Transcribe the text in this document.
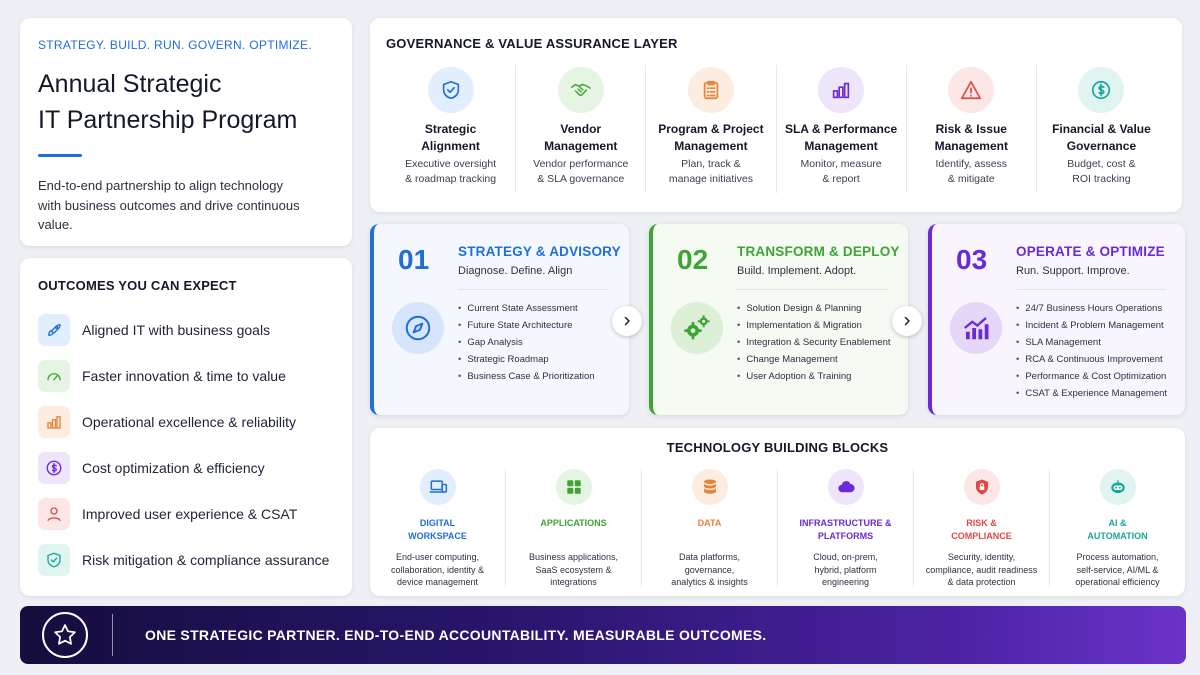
STRATEGY. BUILD. RUN. GOVERN. OPTIMIZE.
Annual Strategic
IT Partnership Program
End-to-end partnership to align technology with business outcomes and drive continuous value.
OUTCOMES YOU CAN EXPECT
Aligned IT with business goals
Faster innovation & time to value
Operational excellence & reliability
Cost optimization & efficiency
Improved user experience & CSAT
Risk mitigation & compliance assurance
GOVERNANCE & VALUE ASSURANCE LAYER
Strategic
Alignment
Executive oversight
& roadmap tracking
Vendor
Management
Vendor performance
& SLA governance
Program & Project
Management
Plan, track &
manage initiatives
SLA & Performance
Management
Monitor, measure
& report
Risk & Issue
Management
Identify, assess
& mitigate
Financial & Value
Governance
Budget, cost &
ROI tracking
01 STRATEGY & ADVISORY
Diagnose. Define. Align
• Current State Assessment
• Future State Architecture
• Gap Analysis
• Strategic Roadmap
• Business Case & Prioritization
02 TRANSFORM & DEPLOY
Build. Implement. Adopt.
• Solution Design & Planning
• Implementation & Migration
• Integration & Security Enablement
• Change Management
• User Adoption & Training
03 OPERATE & OPTIMIZE
Run. Support. Improve.
• 24/7 Business Hours Operations
• Incident & Problem Management
• SLA Management
• RCA & Continuous Improvement
• Performance & Cost Optimization
• CSAT & Experience Management
TECHNOLOGY BUILDING BLOCKS
DIGITAL
WORKSPACE
End-user computing,
collaboration, identity &
device management
APPLICATIONS
Business applications,
SaaS ecosystem &
integrations
DATA
Data platforms,
governance,
analytics & insights
INFRASTRUCTURE &
PLATFORMS
Cloud, on-prem,
hybrid, platform
engineering
RISK &
COMPLIANCE
Security, identity,
compliance, audit readiness
& data protection
AI &
AUTOMATION
Process automation,
self-service, AI/ML &
operational efficiency
ONE STRATEGIC PARTNER. END-TO-END ACCOUNTABILITY. MEASURABLE OUTCOMES.
